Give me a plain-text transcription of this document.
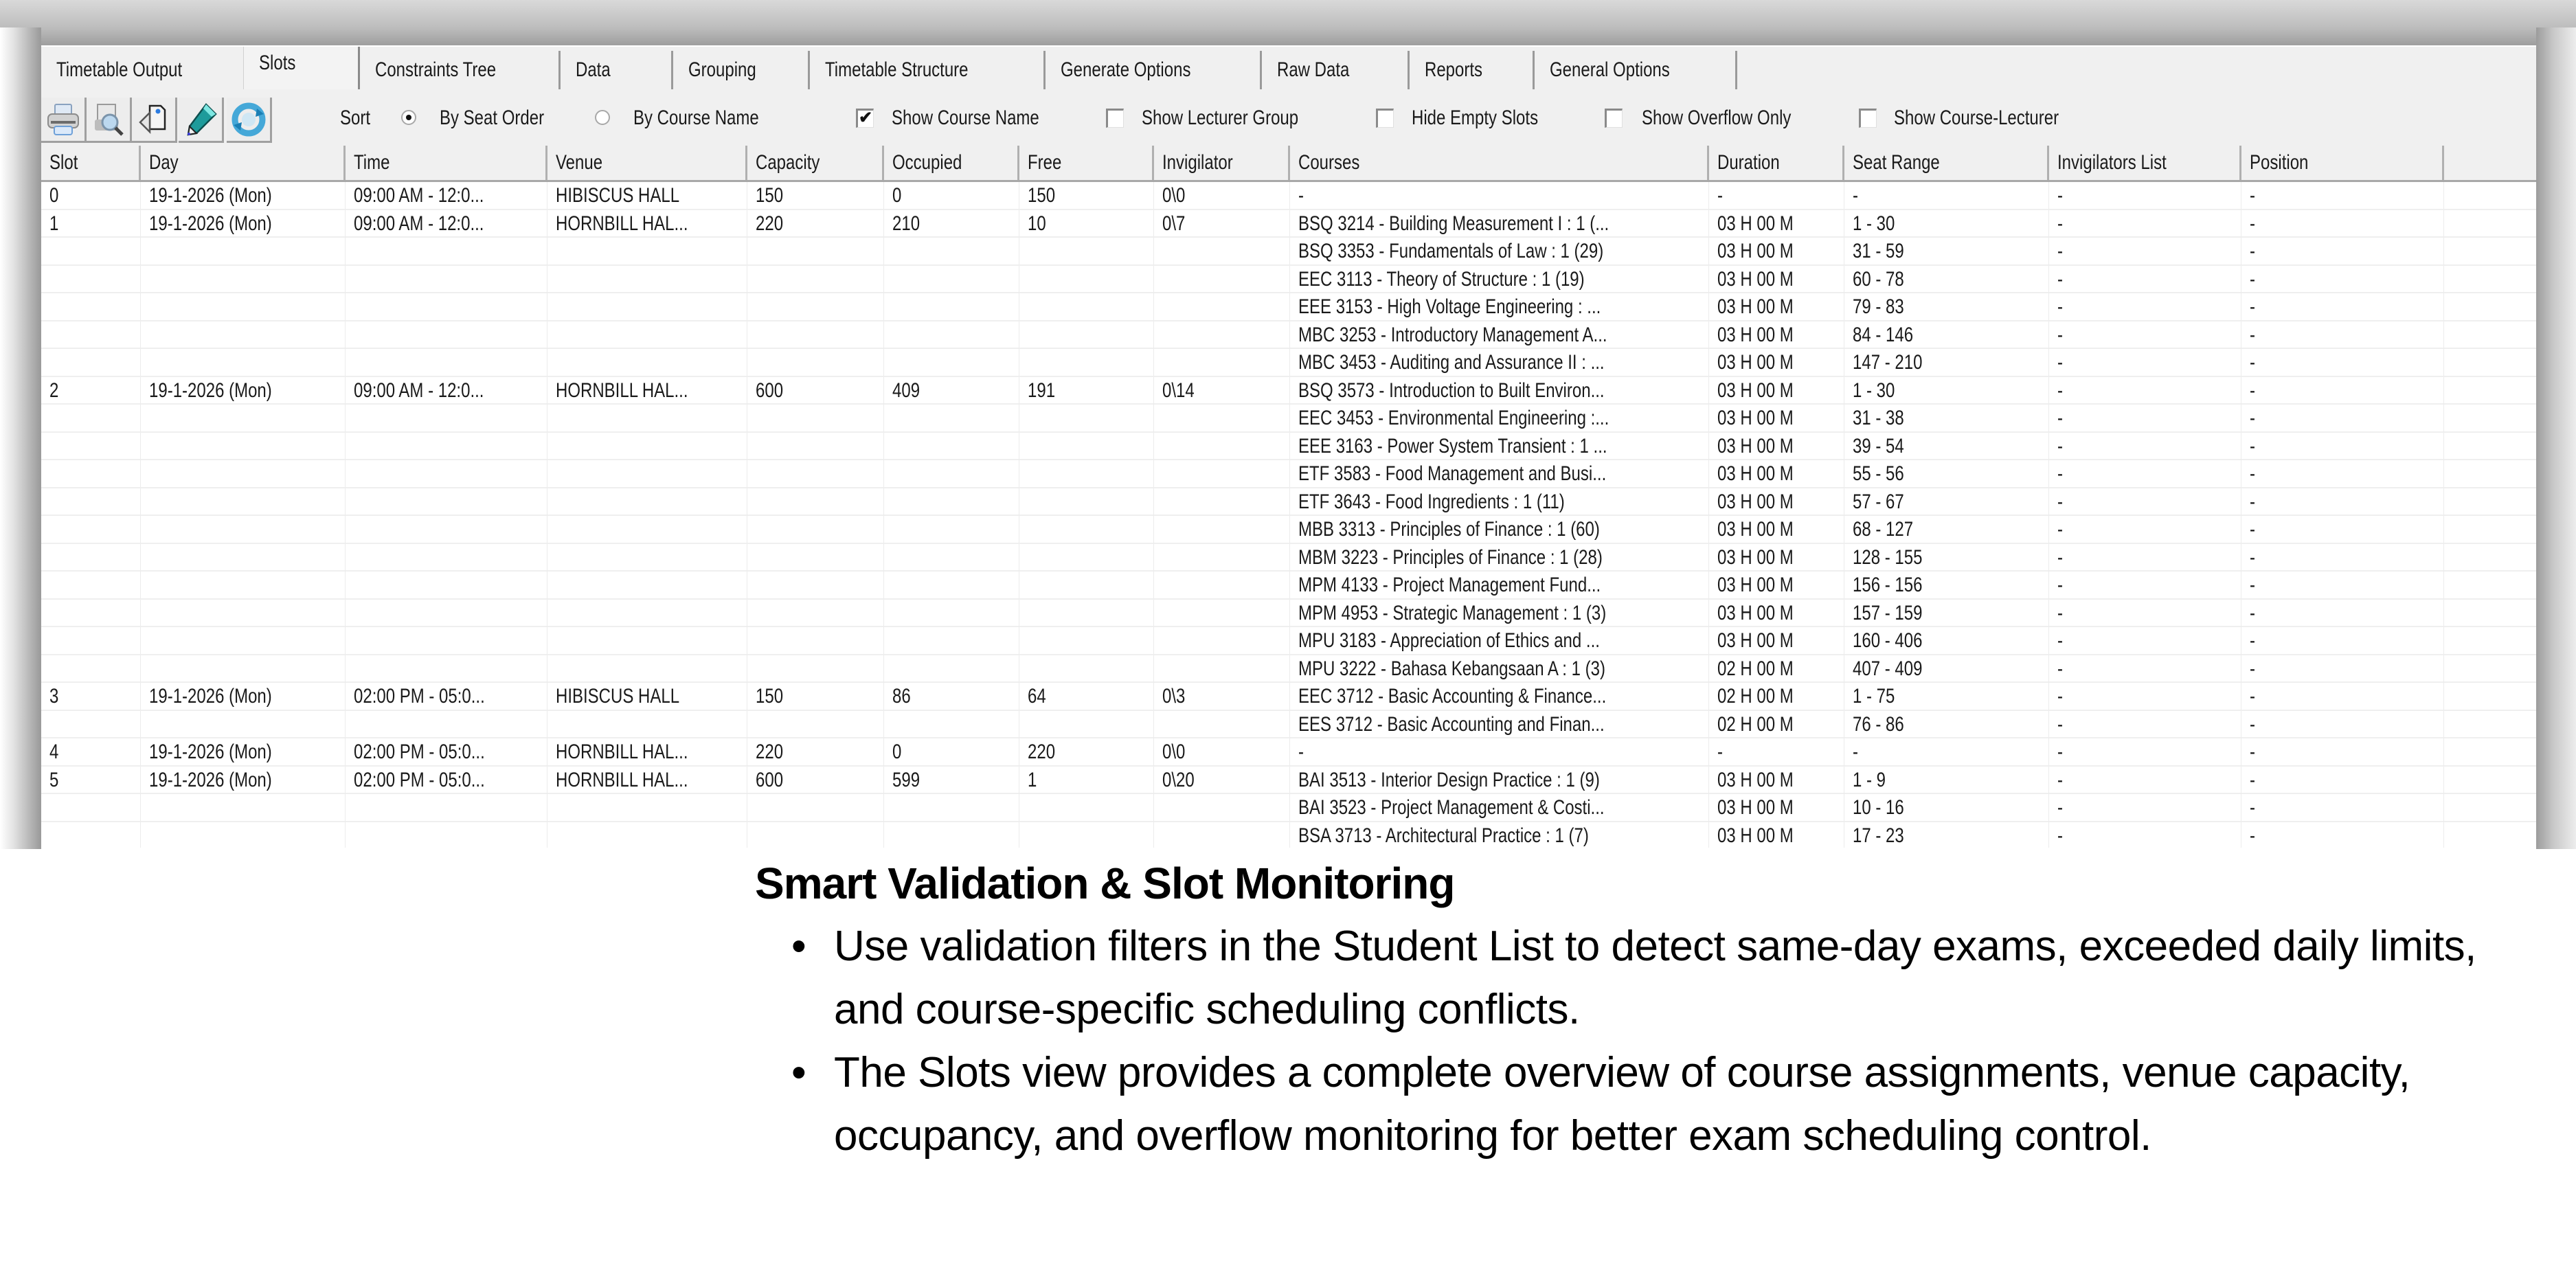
Timetable Output	Slots	Constraints Tree	Data	Grouping	Timetable Structure	Generate Options	Raw Data	Reports	General Options
Sort	By Seat Order	By Course Name	✔ Show Course Name	Show Lecturer Group	Hide Empty Slots	Show Overflow Only	Show Course-Lecturer
Slot	Day	Time	Venue	Capacity	Occupied	Free	Invigilator	Courses	Duration	Seat Range	Invigilators List	Position
0	19-1-2026 (Mon)	09:00 AM - 12:0...	HIBISCUS HALL	150	0	150	0\0	-	-	-	-	-
1	19-1-2026 (Mon)	09:00 AM - 12:0...	HORNBILL HAL...	220	210	10	0\7	BSQ 3214 - Building Measurement I : 1 (...	03 H 00 M	1 - 30	-	-
BSQ 3353 - Fundamentals of Law : 1 (29)	03 H 00 M	31 - 59	-	-
EEC 3113 - Theory of Structure : 1 (19)	03 H 00 M	60 - 78	-	-
EEE 3153 - High Voltage Engineering : ...	03 H 00 M	79 - 83	-	-
MBC 3253 - Introductory Management A...	03 H 00 M	84 - 146	-	-
MBC 3453 - Auditing and Assurance II : ...	03 H 00 M	147 - 210	-	-
2	19-1-2026 (Mon)	09:00 AM - 12:0...	HORNBILL HAL...	600	409	191	0\14	BSQ 3573 - Introduction to Built Environ...	03 H 00 M	1 - 30	-	-
EEC 3453 - Environmental Engineering :...	03 H 00 M	31 - 38	-	-
EEE 3163 - Power System Transient : 1 ...	03 H 00 M	39 - 54	-	-
ETF 3583 - Food Management and Busi...	03 H 00 M	55 - 56	-	-
ETF 3643 - Food Ingredients : 1 (11)	03 H 00 M	57 - 67	-	-
MBB 3313 - Principles of Finance : 1 (60)	03 H 00 M	68 - 127	-	-
MBM 3223 - Principles of Finance : 1 (28)	03 H 00 M	128 - 155	-	-
MPM 4133 - Project Management Fund...	03 H 00 M	156 - 156	-	-
MPM 4953 - Strategic Management : 1 (3)	03 H 00 M	157 - 159	-	-
MPU 3183 - Appreciation of Ethics and ...	03 H 00 M	160 - 406	-	-
MPU 3222 - Bahasa Kebangsaan A : 1 (3)	02 H 00 M	407 - 409	-	-
3	19-1-2026 (Mon)	02:00 PM - 05:0...	HIBISCUS HALL	150	86	64	0\3	EEC 3712 - Basic Accounting & Finance...	02 H 00 M	1 - 75	-	-
EES 3712 - Basic Accounting and Finan...	02 H 00 M	76 - 86	-	-
4	19-1-2026 (Mon)	02:00 PM - 05:0...	HORNBILL HAL...	220	0	220	0\0	-	-	-	-	-
5	19-1-2026 (Mon)	02:00 PM - 05:0...	HORNBILL HAL...	600	599	1	0\20	BAI 3513 - Interior Design Practice : 1 (9)	03 H 00 M	1 - 9	-	-
BAI 3523 - Project Management & Costi...	03 H 00 M	10 - 16	-	-
BSA 3713 - Architectural Practice : 1 (7)	03 H 00 M	17 - 23	-	-
Smart Validation & Slot Monitoring
• Use validation filters in the Student List to detect same-day exams, exceeded daily limits, and course-specific scheduling conflicts.
• The Slots view provides a complete overview of course assignments, venue capacity, occupancy, and overflow monitoring for better exam scheduling control.
